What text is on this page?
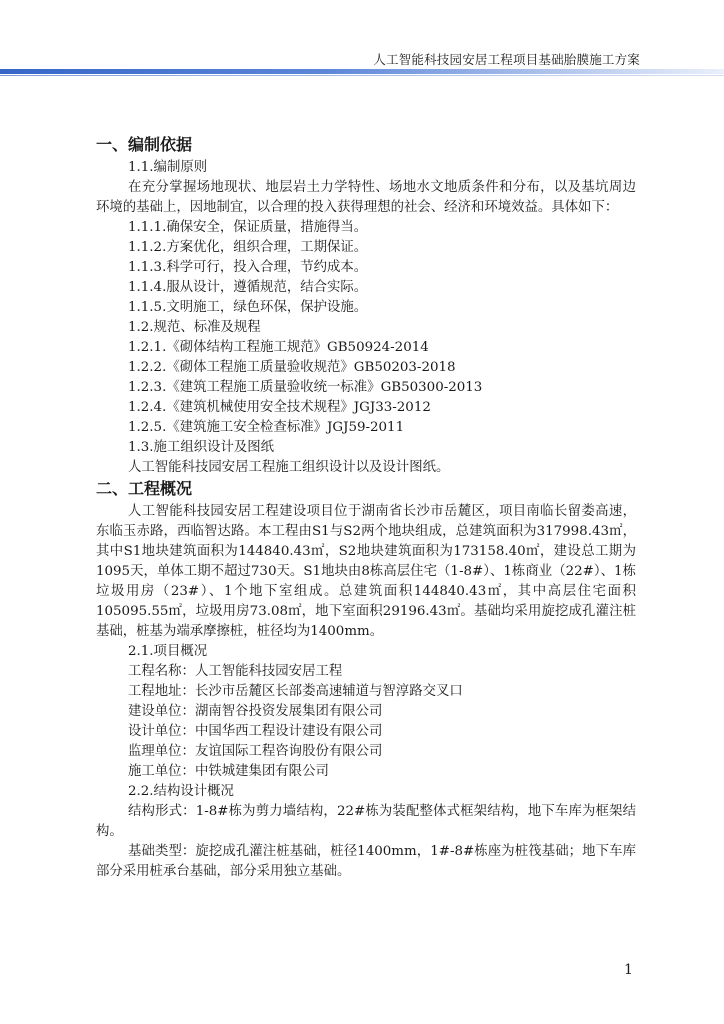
人工智能科技园安居工程项目基础胎膜施工方案
一、编制依据

1.1.编制原则

在充分掌握场地现状、地层岩土力学特性、场地水文地质条件和分布，以及基坑周边环境的基础上，因地制宜，以合理的投入获得理想的社会、经济和环境效益。具体如下：

1.1.1.确保安全，保证质量，措施得当。

1.1.2.方案优化，组织合理，工期保证。

1.1.3.科学可行，投入合理，节约成本。

1.1.4.服从设计，遵循规范，结合实际。

1.1.5.文明施工，绿色环保，保护设施。

1.2.规范、标准及规程

1.2.1.《砌体结构工程施工规范》GB50924-2014

1.2.2.《砌体工程施工质量验收规范》GB50203-2018

1.2.3.《建筑工程施工质量验收统一标准》GB50300-2013

1.2.4.《建筑机械使用安全技术规程》JGJ33-2012

1.2.5.《建筑施工安全检查标准》JGJ59-2011

1.3.施工组织设计及图纸

人工智能科技园安居工程施工组织设计以及设计图纸。

二、工程概况

人工智能科技园安居工程建设项目位于湖南省长沙市岳麓区，项目南临长留娄高速，东临玉赤路，西临智达路。本工程由S1与S2两个地块组成，总建筑面积为317998.43㎡，其中S1地块建筑面积为144840.43㎡，S2地块建筑面积为173158.40㎡，建设总工期为1095天，单体工期不超过730天。S1地块由8栋高层住宅（1-8#）、1栋商业（22#）、1栋垃圾用房（23#）、1个地下室组成。总建筑面积144840.43㎡，其中高层住宅面积105095.55㎡，垃圾用房73.08㎡，地下室面积29196.43㎡。基础均采用旋挖成孔灌注桩基础，桩基为端承摩擦桩，桩径均为1400mm。

2.1.项目概况

工程名称：人工智能科技园安居工程

工程地址：长沙市岳麓区长部娄高速辅道与智淳路交叉口

建设单位：湖南智谷投资发展集团有限公司

设计单位：中国华西工程设计建设有限公司

监理单位：友谊国际工程咨询股份有限公司

施工单位：中铁城建集团有限公司

2.2.结构设计概况

结构形式：1-8#栋为剪力墙结构，22#栋为装配整体式框架结构，地下车库为框架结构。

基础类型：旋挖成孔灌注桩基础，桩径1400mm，1#-8#栋座为桩筏基础；地下车库部分采用桩承台基础，部分采用独立基础。

1
